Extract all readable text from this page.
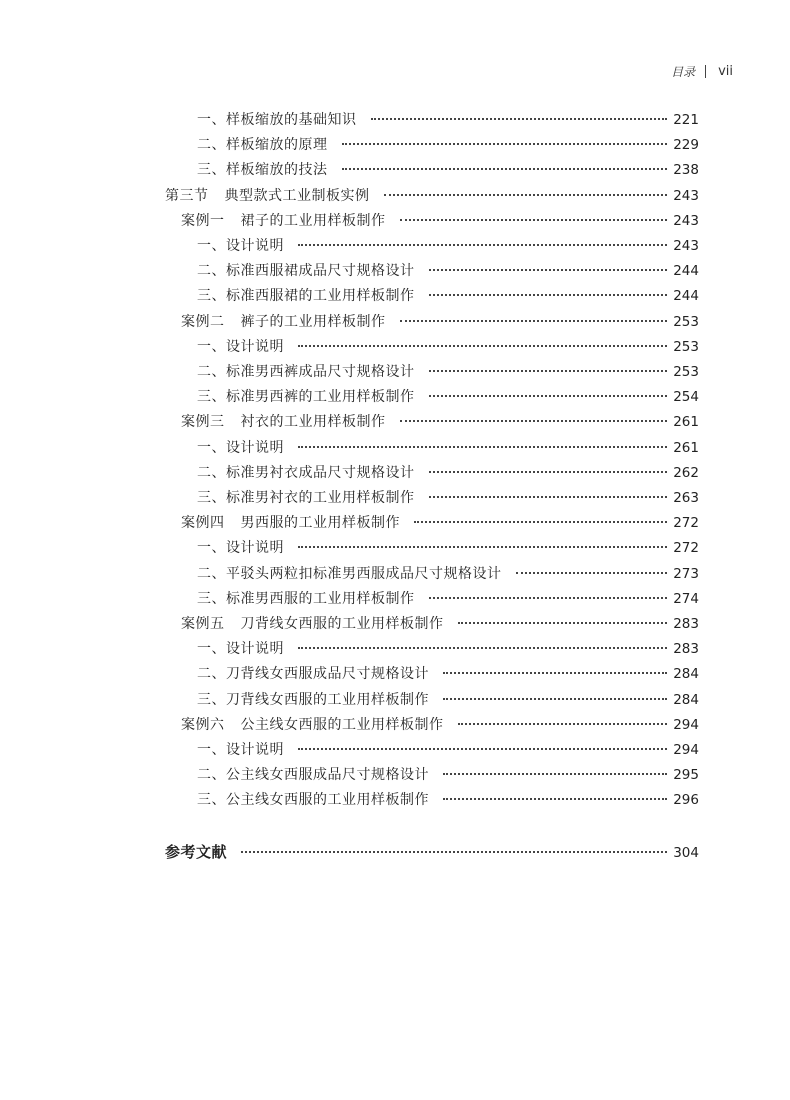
目录 vii
一、样板缩放的基础知识	221
二、样板缩放的原理	229
三、样板缩放的技法	238
第三节 典型款式工业制板实例	243
案例一 裙子的工业用样板制作	243
一、设计说明	243
二、标准西服裙成品尺寸规格设计	244
三、标准西服裙的工业用样板制作	244
案例二 裤子的工业用样板制作	253
一、设计说明	253
二、标准男西裤成品尺寸规格设计	253
三、标准男西裤的工业用样板制作	254
案例三 衬衣的工业用样板制作	261
一、设计说明	261
二、标准男衬衣成品尺寸规格设计	262
三、标准男衬衣的工业用样板制作	263
案例四 男西服的工业用样板制作	272
一、设计说明	272
二、平驳头两粒扣标准男西服成品尺寸规格设计	273
三、标准男西服的工业用样板制作	274
案例五 刀背线女西服的工业用样板制作	283
一、设计说明	283
二、刀背线女西服成品尺寸规格设计	284
三、刀背线女西服的工业用样板制作	284
案例六 公主线女西服的工业用样板制作	294
一、设计说明	294
二、公主线女西服成品尺寸规格设计	295
三、公主线女西服的工业用样板制作	296
参考文献	304
